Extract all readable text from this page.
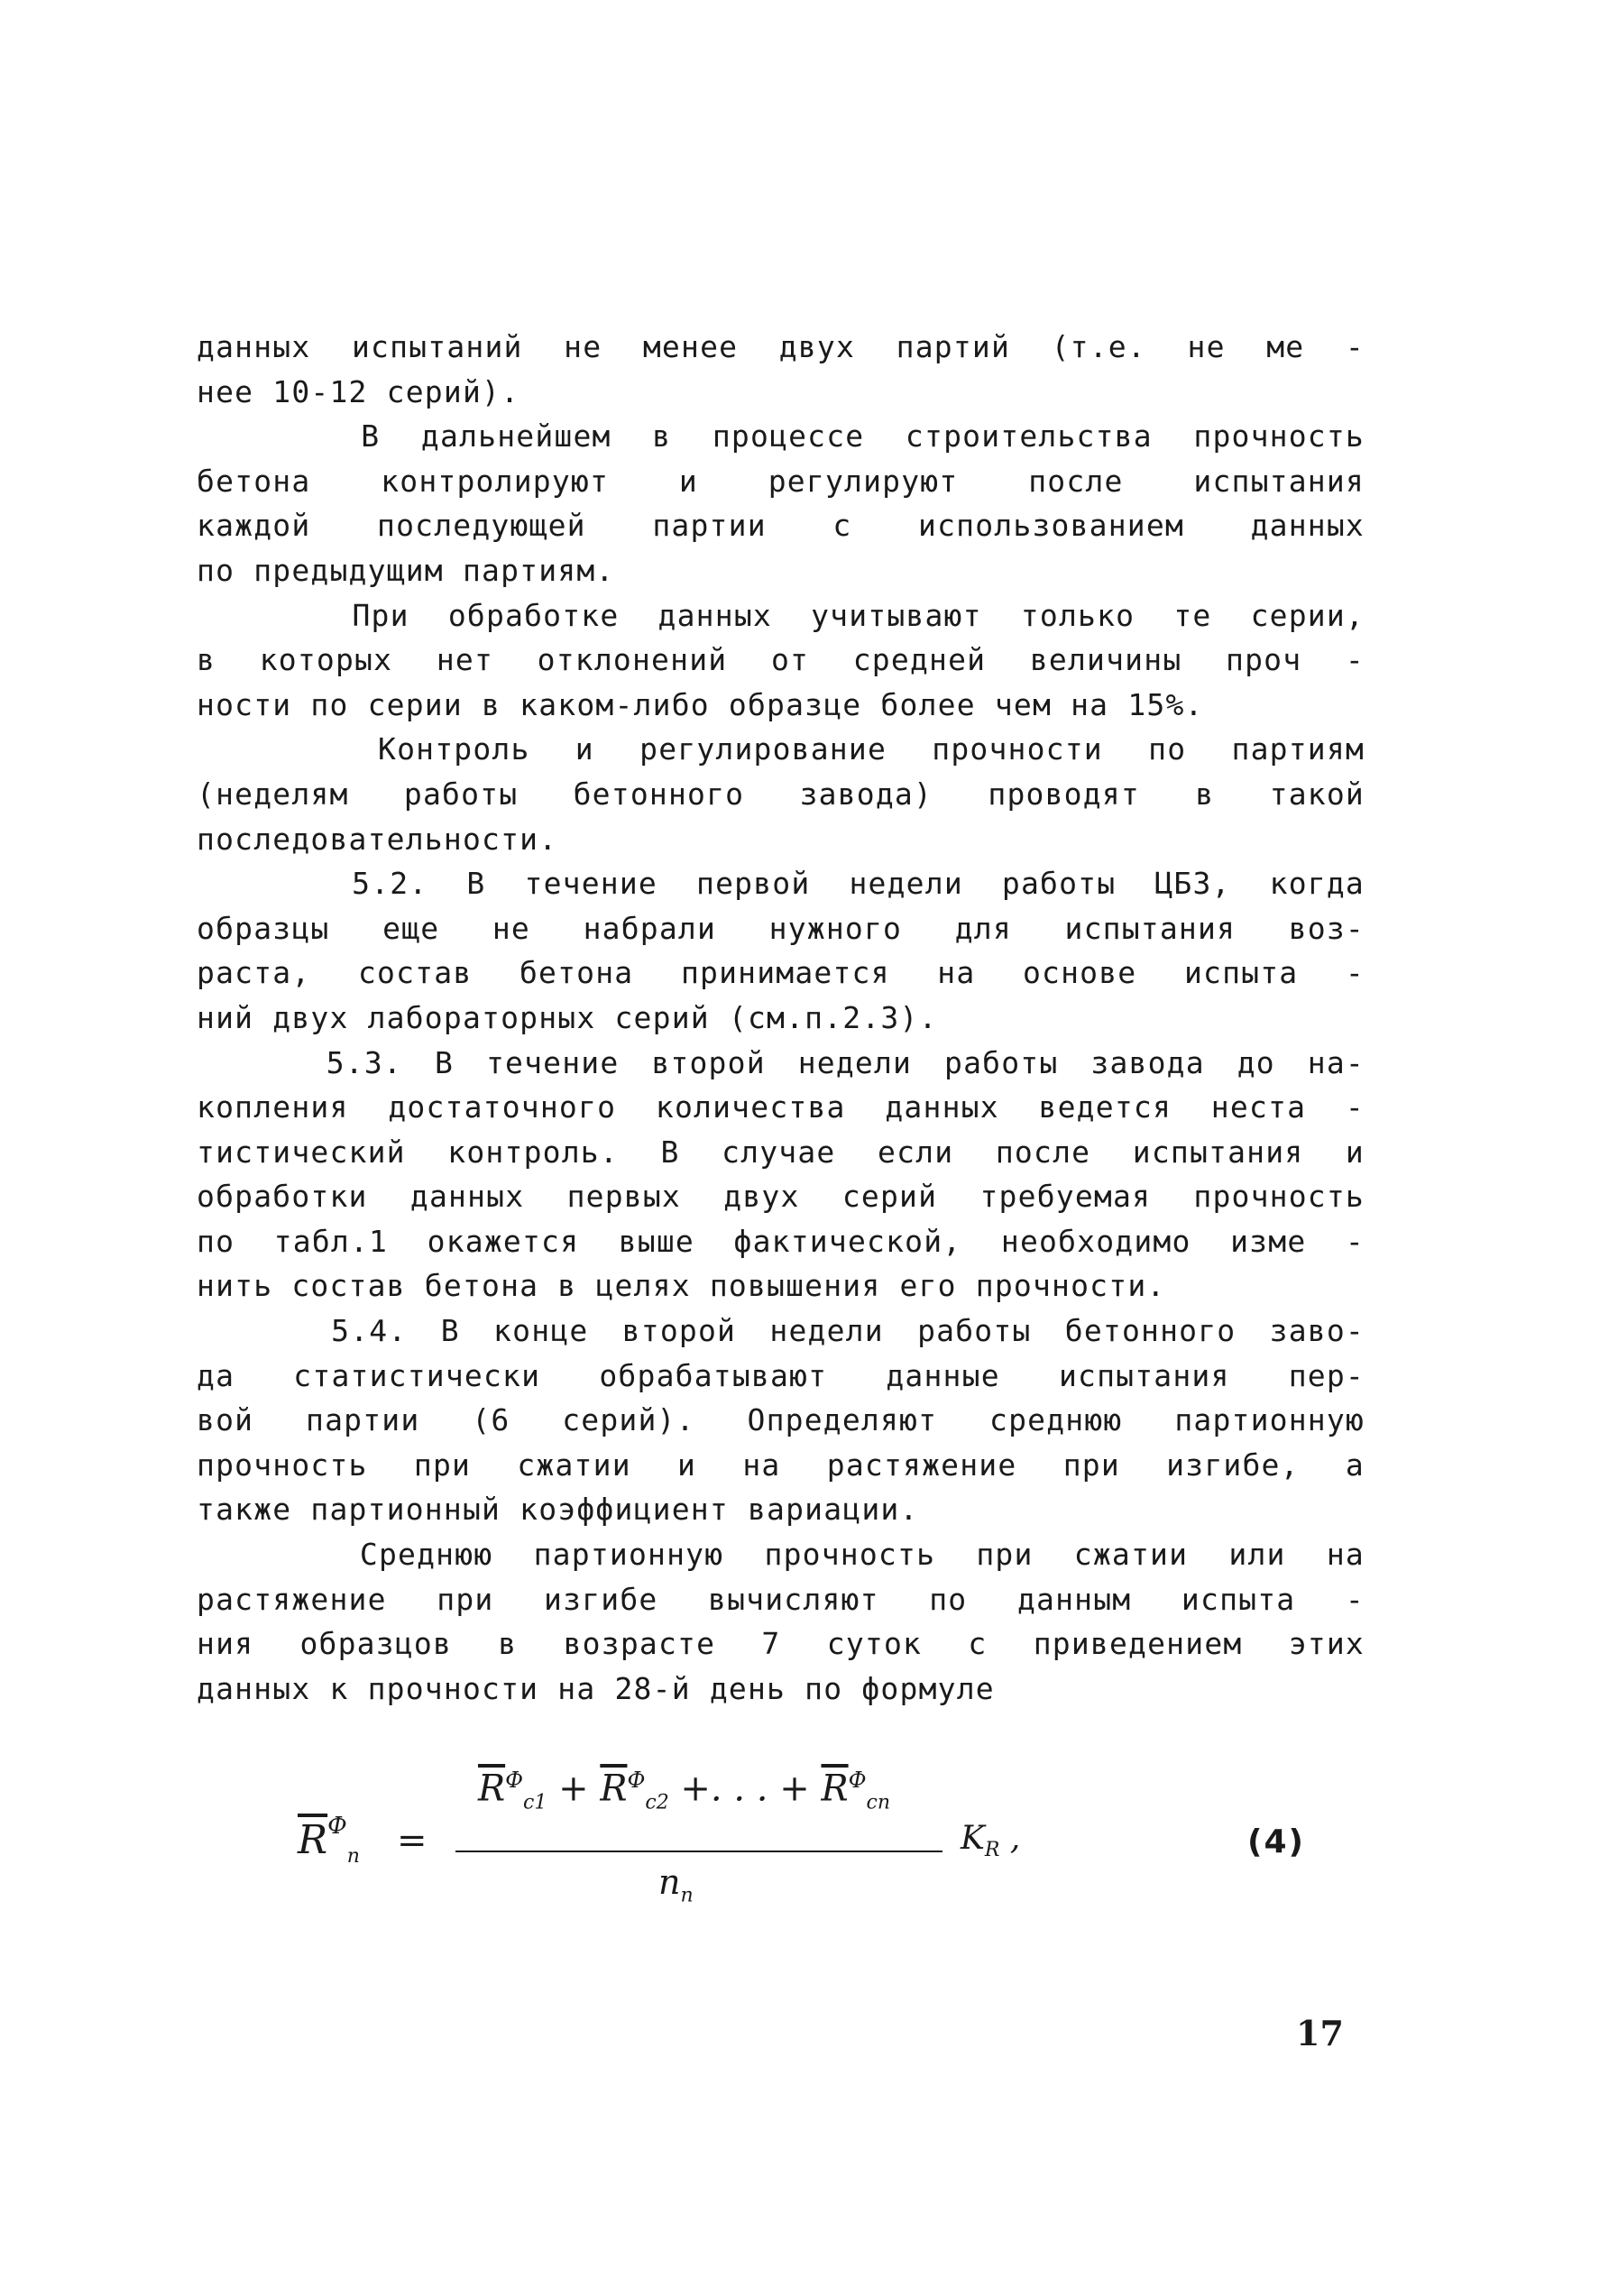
данных испытаний не менее двух партий (т.е. не ме -
нее 10-12 серий).
В дальнейшем в процессе строительства прочность
бетона контролируют и регулируют после испытания
каждой последующей партии с использованием данных
по предыдущим партиям.
При обработке данных учитывают только те серии,
в которых нет отклонений от средней величины проч -
ности по серии в каком-либо образце более чем на 15%.
Контроль и регулирование прочности по партиям
(неделям работы бетонного завода) проводят в такой
последовательности.
5.2. В течение первой недели работы ЦБЗ, когда
образцы еще не набрали нужного для испытания воз-
раста, состав бетона принимается на основе испыта -
ний двух лабораторных серий (см.п.2.3).
5.3. В течение второй недели работы завода до на-
копления достаточного количества данных ведется неста -
тистический контроль. В случае если после испытания и
обработки данных первых двух серий требуемая прочность
по табл.1 окажется выше фактической, необходимо изме -
нить состав бетона в целях повышения его прочности.
5.4. В конце второй недели работы бетонного заво-
да статистически обрабатывают данные испытания пер-
вой партии (6 серий). Определяют среднюю партионную
прочность при сжатии и на растяжение при изгибе, а
также партионный коэффициент вариации.
Среднюю партионную прочность при сжатии или на
растяжение при изгибе вычисляют по данным испыта -
ния образцов в возрасте 7 суток с приведением этих
данных к прочности на 28-й день по формуле
$\overline{R}^Ф_п$ =
$\overline{R}^Ф_{c1} + \overline{R}^Ф_{c2}$ +. . . + $\overline{R}^Ф_{cn}$
$n_n$
$K_R$ ,	(4)
17
